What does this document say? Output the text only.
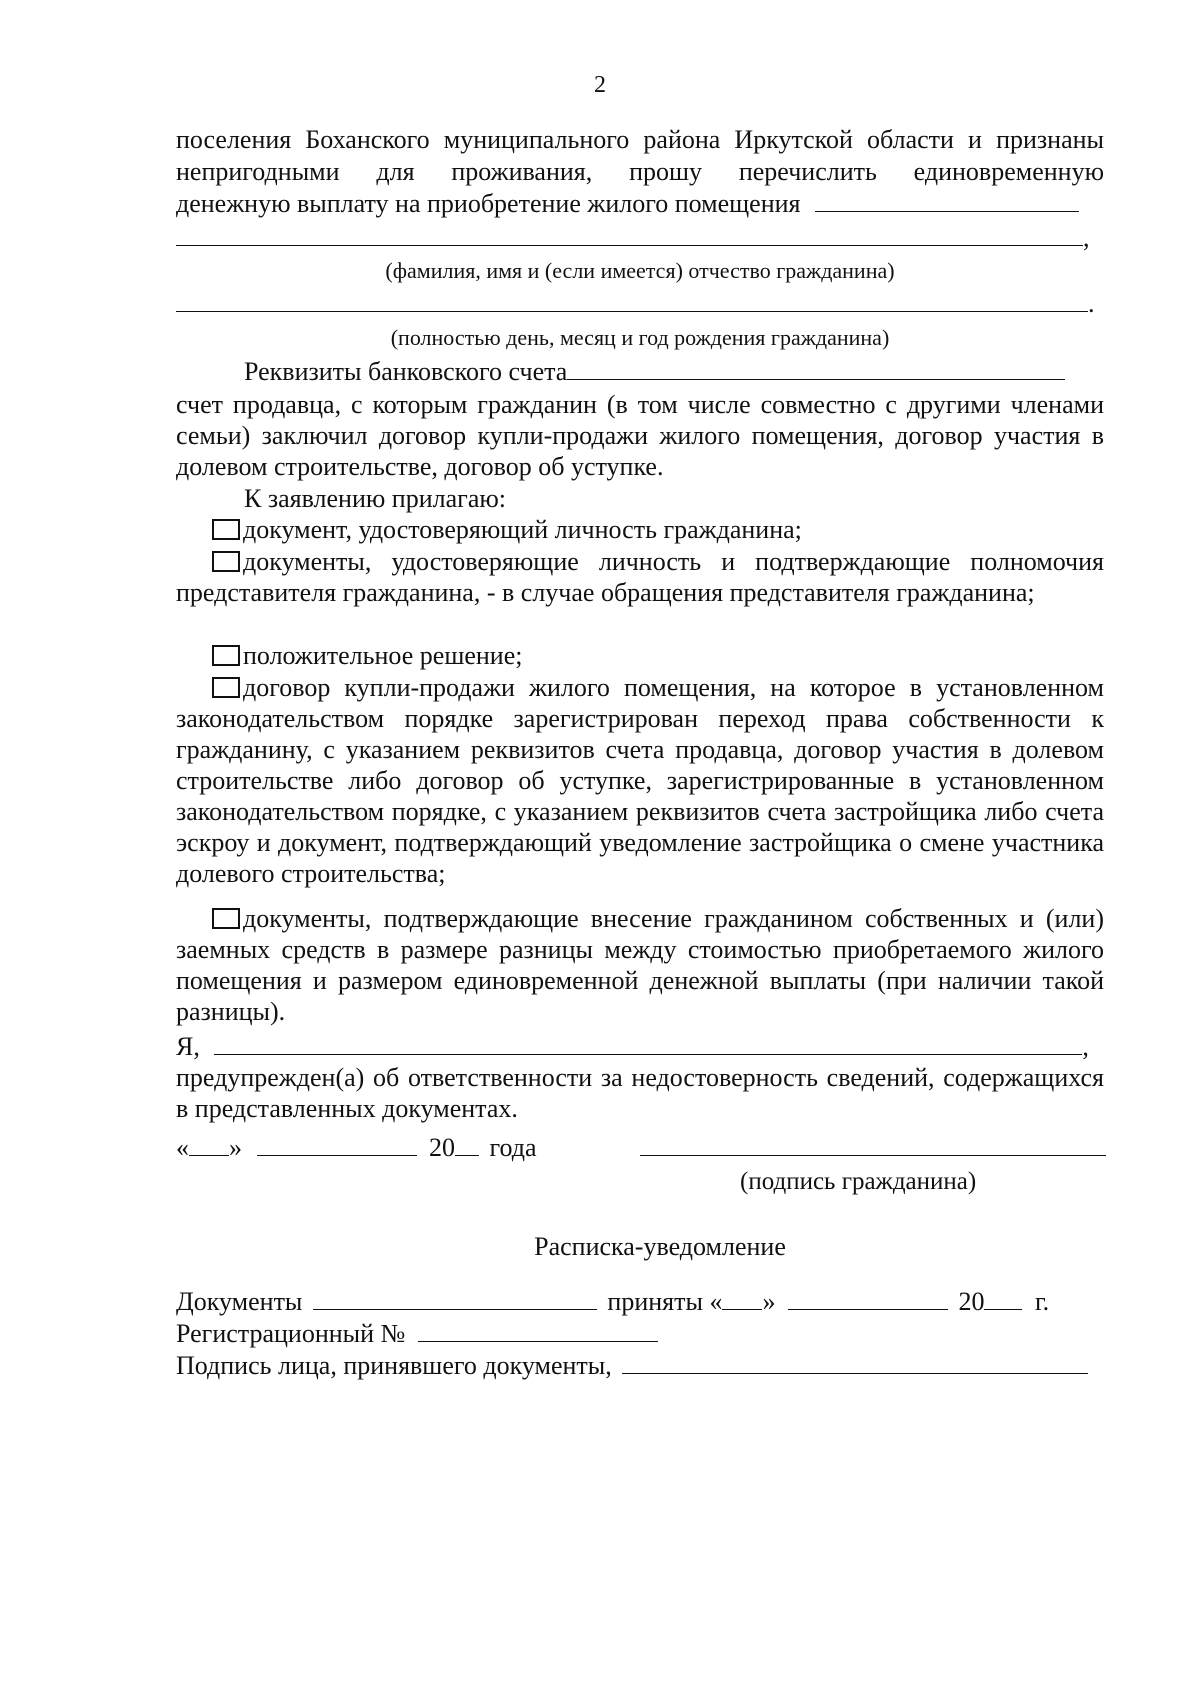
2

поселения Боханского муниципального района Иркутской области и признаны

непригодными для проживания, прошу перечислить единовременную

денежную выплату на приобретение жилого помещения
,
(фамилия, имя и (если имеется) отчество гражданина)
.
(полностью день, месяц и год рождения гражданина)
Реквизиты банковского счета

счет продавца, с которым гражданин (в том числе совместно с другими членами семьи) заключил договор купли-продажи жилого помещения, договор участия в долевом строительстве, договор об уступке.

К заявлению прилагаю:
документ, удостоверяющий личность гражданина;
документы, удостоверяющие личность и подтверждающие полномочия представителя гражданина, - в случае обращения представителя гражданина;
положительное решение;
договор купли-продажи жилого помещения, на которое в установленном законодательством порядке зарегистрирован переход права собственности к гражданину, с указанием реквизитов счета продавца, договор участия в долевом строительстве либо договор об уступке, зарегистрированные в установленном законодательством порядке, с указанием реквизитов счета застройщика либо счета эскроу и документ, подтверждающий уведомление застройщика о смене участника долевого строительства;
документы, подтверждающие внесение гражданином собственных и (или) заемных средств в размере разницы между стоимостью приобретаемого жилого помещения и размером единовременной денежной выплаты (при наличии такой разницы).
Я,	,

предупрежден(а) об ответственности за недостоверность сведений, содержащихся в представленных документах.

« »	20 года
(подпись гражданина)
Расписка-уведомление
Документы	приняты « »	20 г.
Регистрационный №
Подпись лица, принявшего документы,
